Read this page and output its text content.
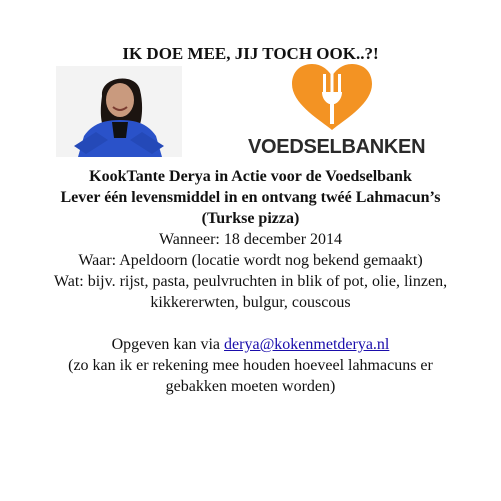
IK DOE MEE, JIJ TOCH OOK..?!
VOEDSELBANKEN
KookTante Derya in Actie voor de Voedselbank
Lever één levensmiddel in en ontvang twéé Lahmacun’s
(Turkse pizza)
Wanneer: 18 december 2014
Waar: Apeldoorn (locatie wordt nog bekend gemaakt)
Wat: bijv. rijst, pasta, peulvruchten in blik of pot, olie, linzen,
kikkererwten, bulgur, couscous
Opgeven kan via derya@kokenmetderya.nl
(zo kan ik er rekening mee houden hoeveel lahmacuns er
gebakken moeten worden)
